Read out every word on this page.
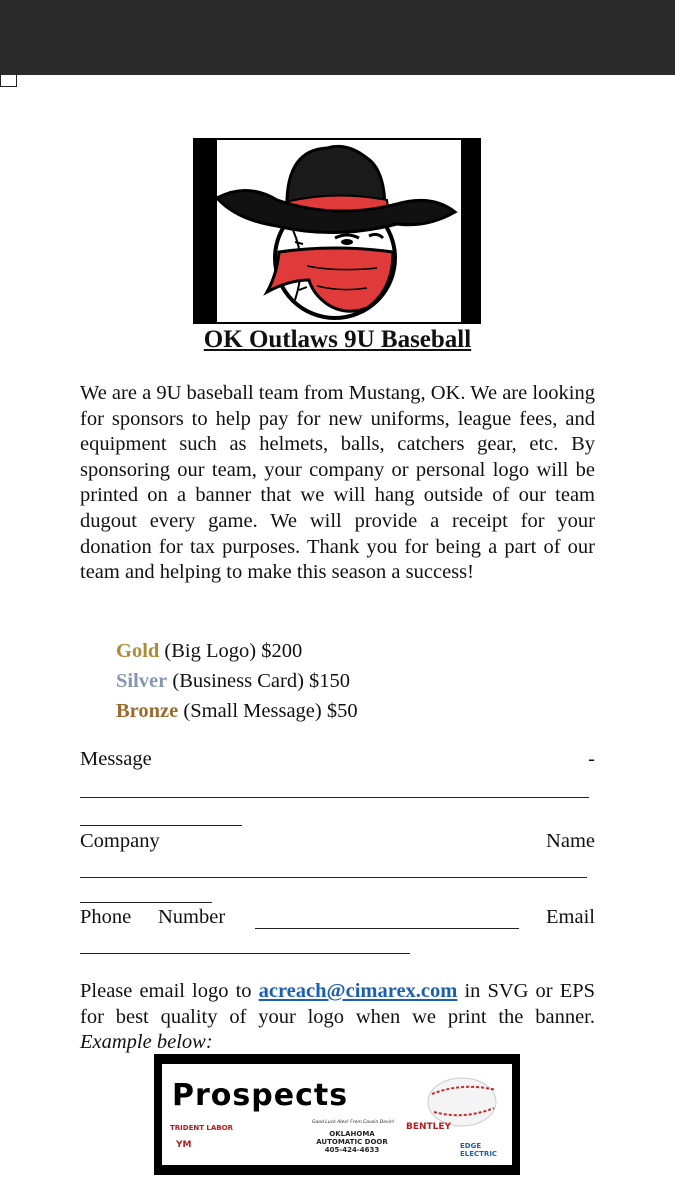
OK Outlaws 9U Baseball
We are a 9U baseball team from Mustang, OK. We are looking for sponsors to help pay for new uniforms, league fees, and equipment such as helmets, balls, catchers gear, etc. By sponsoring our team, your company or personal logo will be printed on a banner that we will hang outside of our team dugout every game. We will provide a receipt for your donation for tax purposes. Thank you for being a part of our team and helping to make this season a success!
Gold (Big Logo) $200
Silver (Business Card) $150
Bronze (Small Message) $50
Message	-
Company	Name
Phone Number	Email
Please email logo to acreach@cimarex.com in SVG or EPS for best quality of your logo when we print the banner. Example below:
Prospects
TRIDENT LABOR
YM
Good Luck Alex! From Cousin Devin!
OKLAHOMA
AUTOMATIC DOOR
405-424-4633
BENTLEY
EDGE
ELECTRIC
